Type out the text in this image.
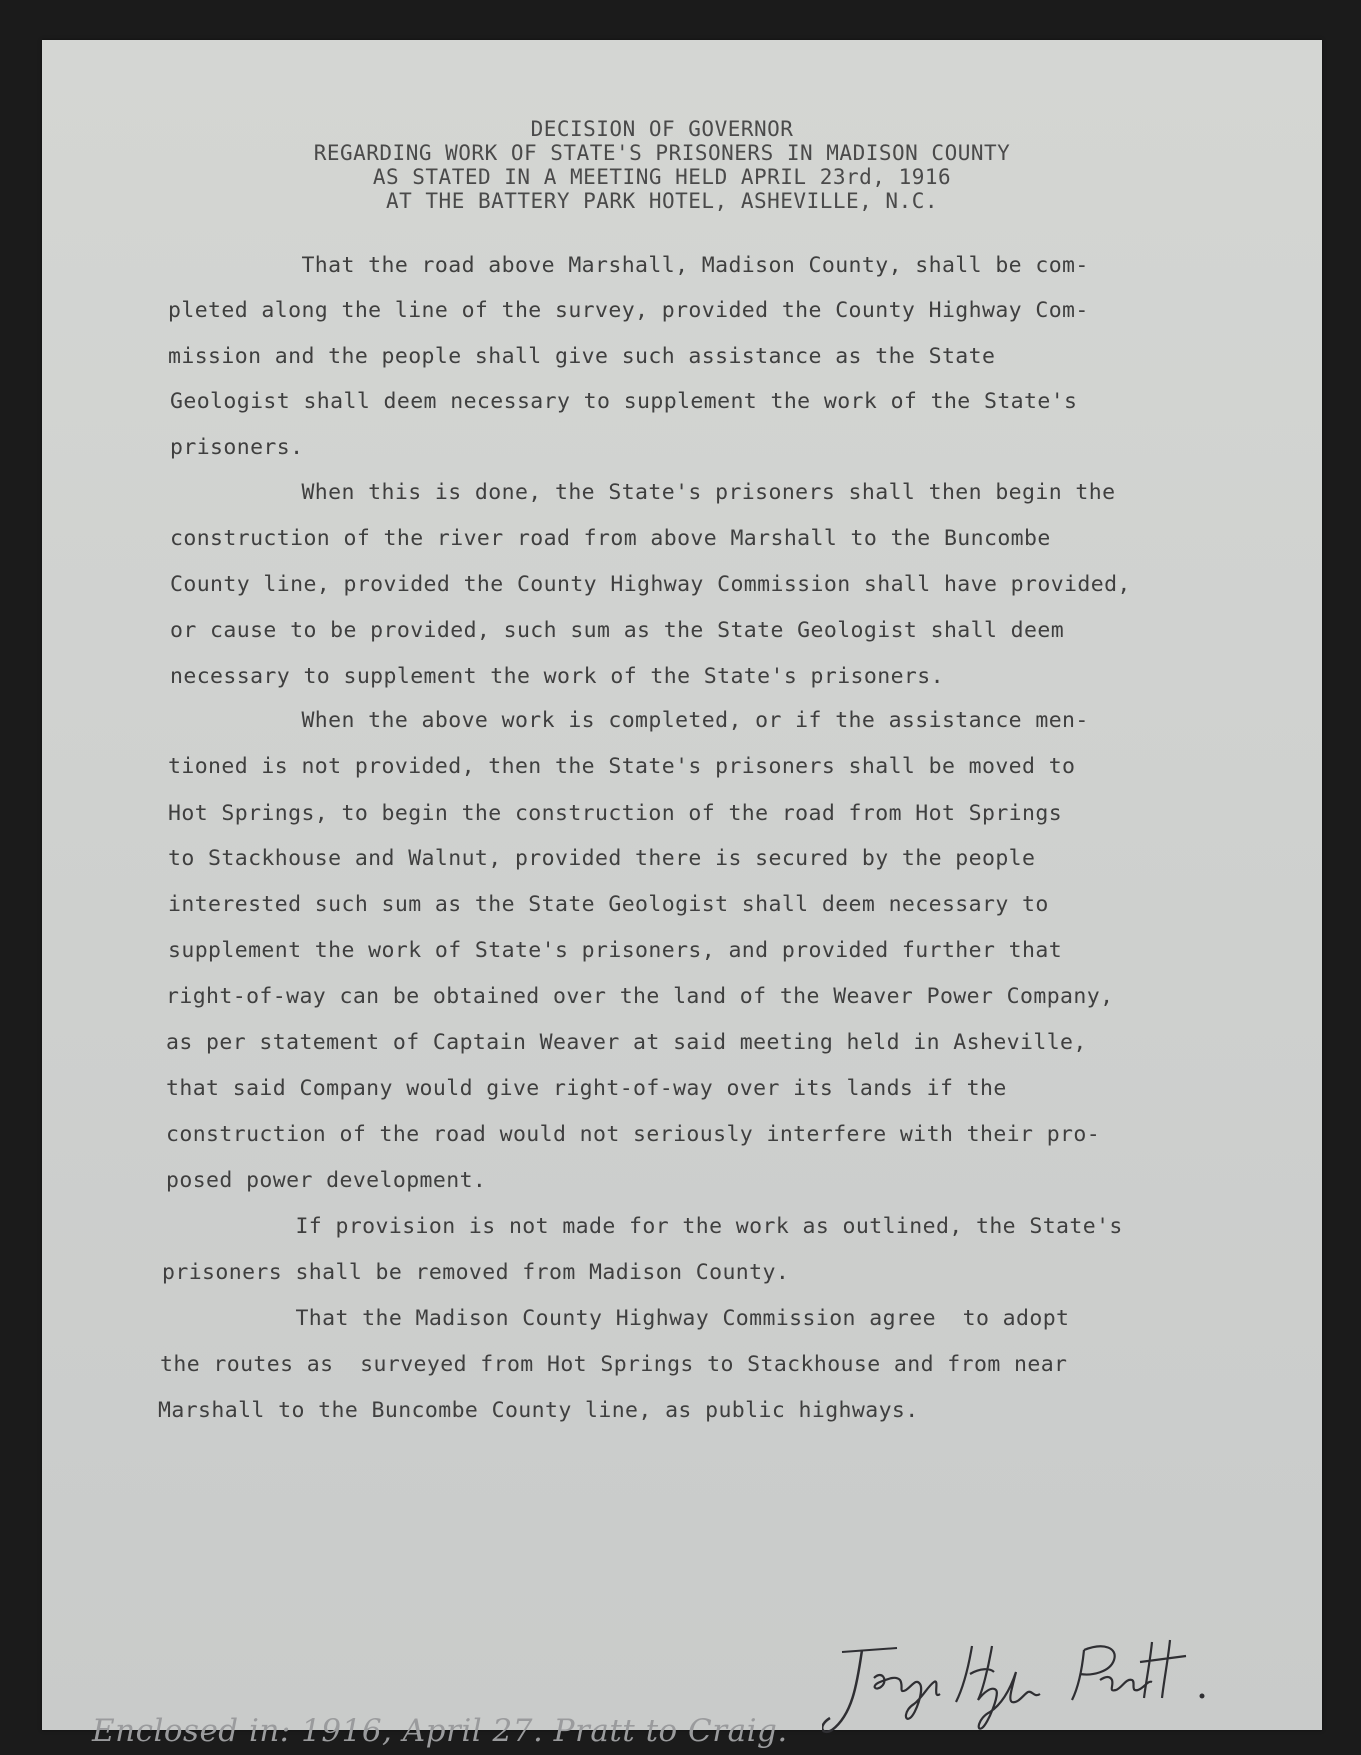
DECISION OF GOVERNOR
REGARDING WORK OF STATE'S PRISONERS IN MADISON COUNTY
AS STATED IN A MEETING HELD APRIL 23rd, 1916
AT THE BATTERY PARK HOTEL, ASHEVILLE, N.C.
That the road above Marshall, Madison County, shall be com-
pleted along the line of the survey, provided the County Highway Com-
mission and the people shall give such assistance as the State
Geologist shall deem necessary to supplement the work of the State's
prisoners.
When this is done, the State's prisoners shall then begin the
construction of the river road from above Marshall to the Buncombe
County line, provided the County Highway Commission shall have provided,
or cause to be provided, such sum as the State Geologist shall deem
necessary to supplement the work of the State's prisoners.
When the above work is completed, or if the assistance men-
tioned is not provided, then the State's prisoners shall be moved to
Hot Springs, to begin the construction of the road from Hot Springs
to Stackhouse and Walnut, provided there is secured by the people
interested such sum as the State Geologist shall deem necessary to
supplement the work of State's prisoners, and provided further that
right-of-way can be obtained over the land of the Weaver Power Company,
as per statement of Captain Weaver at said meeting held in Asheville,
that said Company would give right-of-way over its lands if the
construction of the road would not seriously interfere with their pro-
posed power development.
If provision is not made for the work as outlined, the State's
prisoners shall be removed from Madison County.
That the Madison County Highway Commission agree  to adopt
the routes as  surveyed from Hot Springs to Stackhouse and from near
Marshall to the Buncombe County line, as public highways.
Enclosed in: 1916, April 27. Pratt to Craig.
